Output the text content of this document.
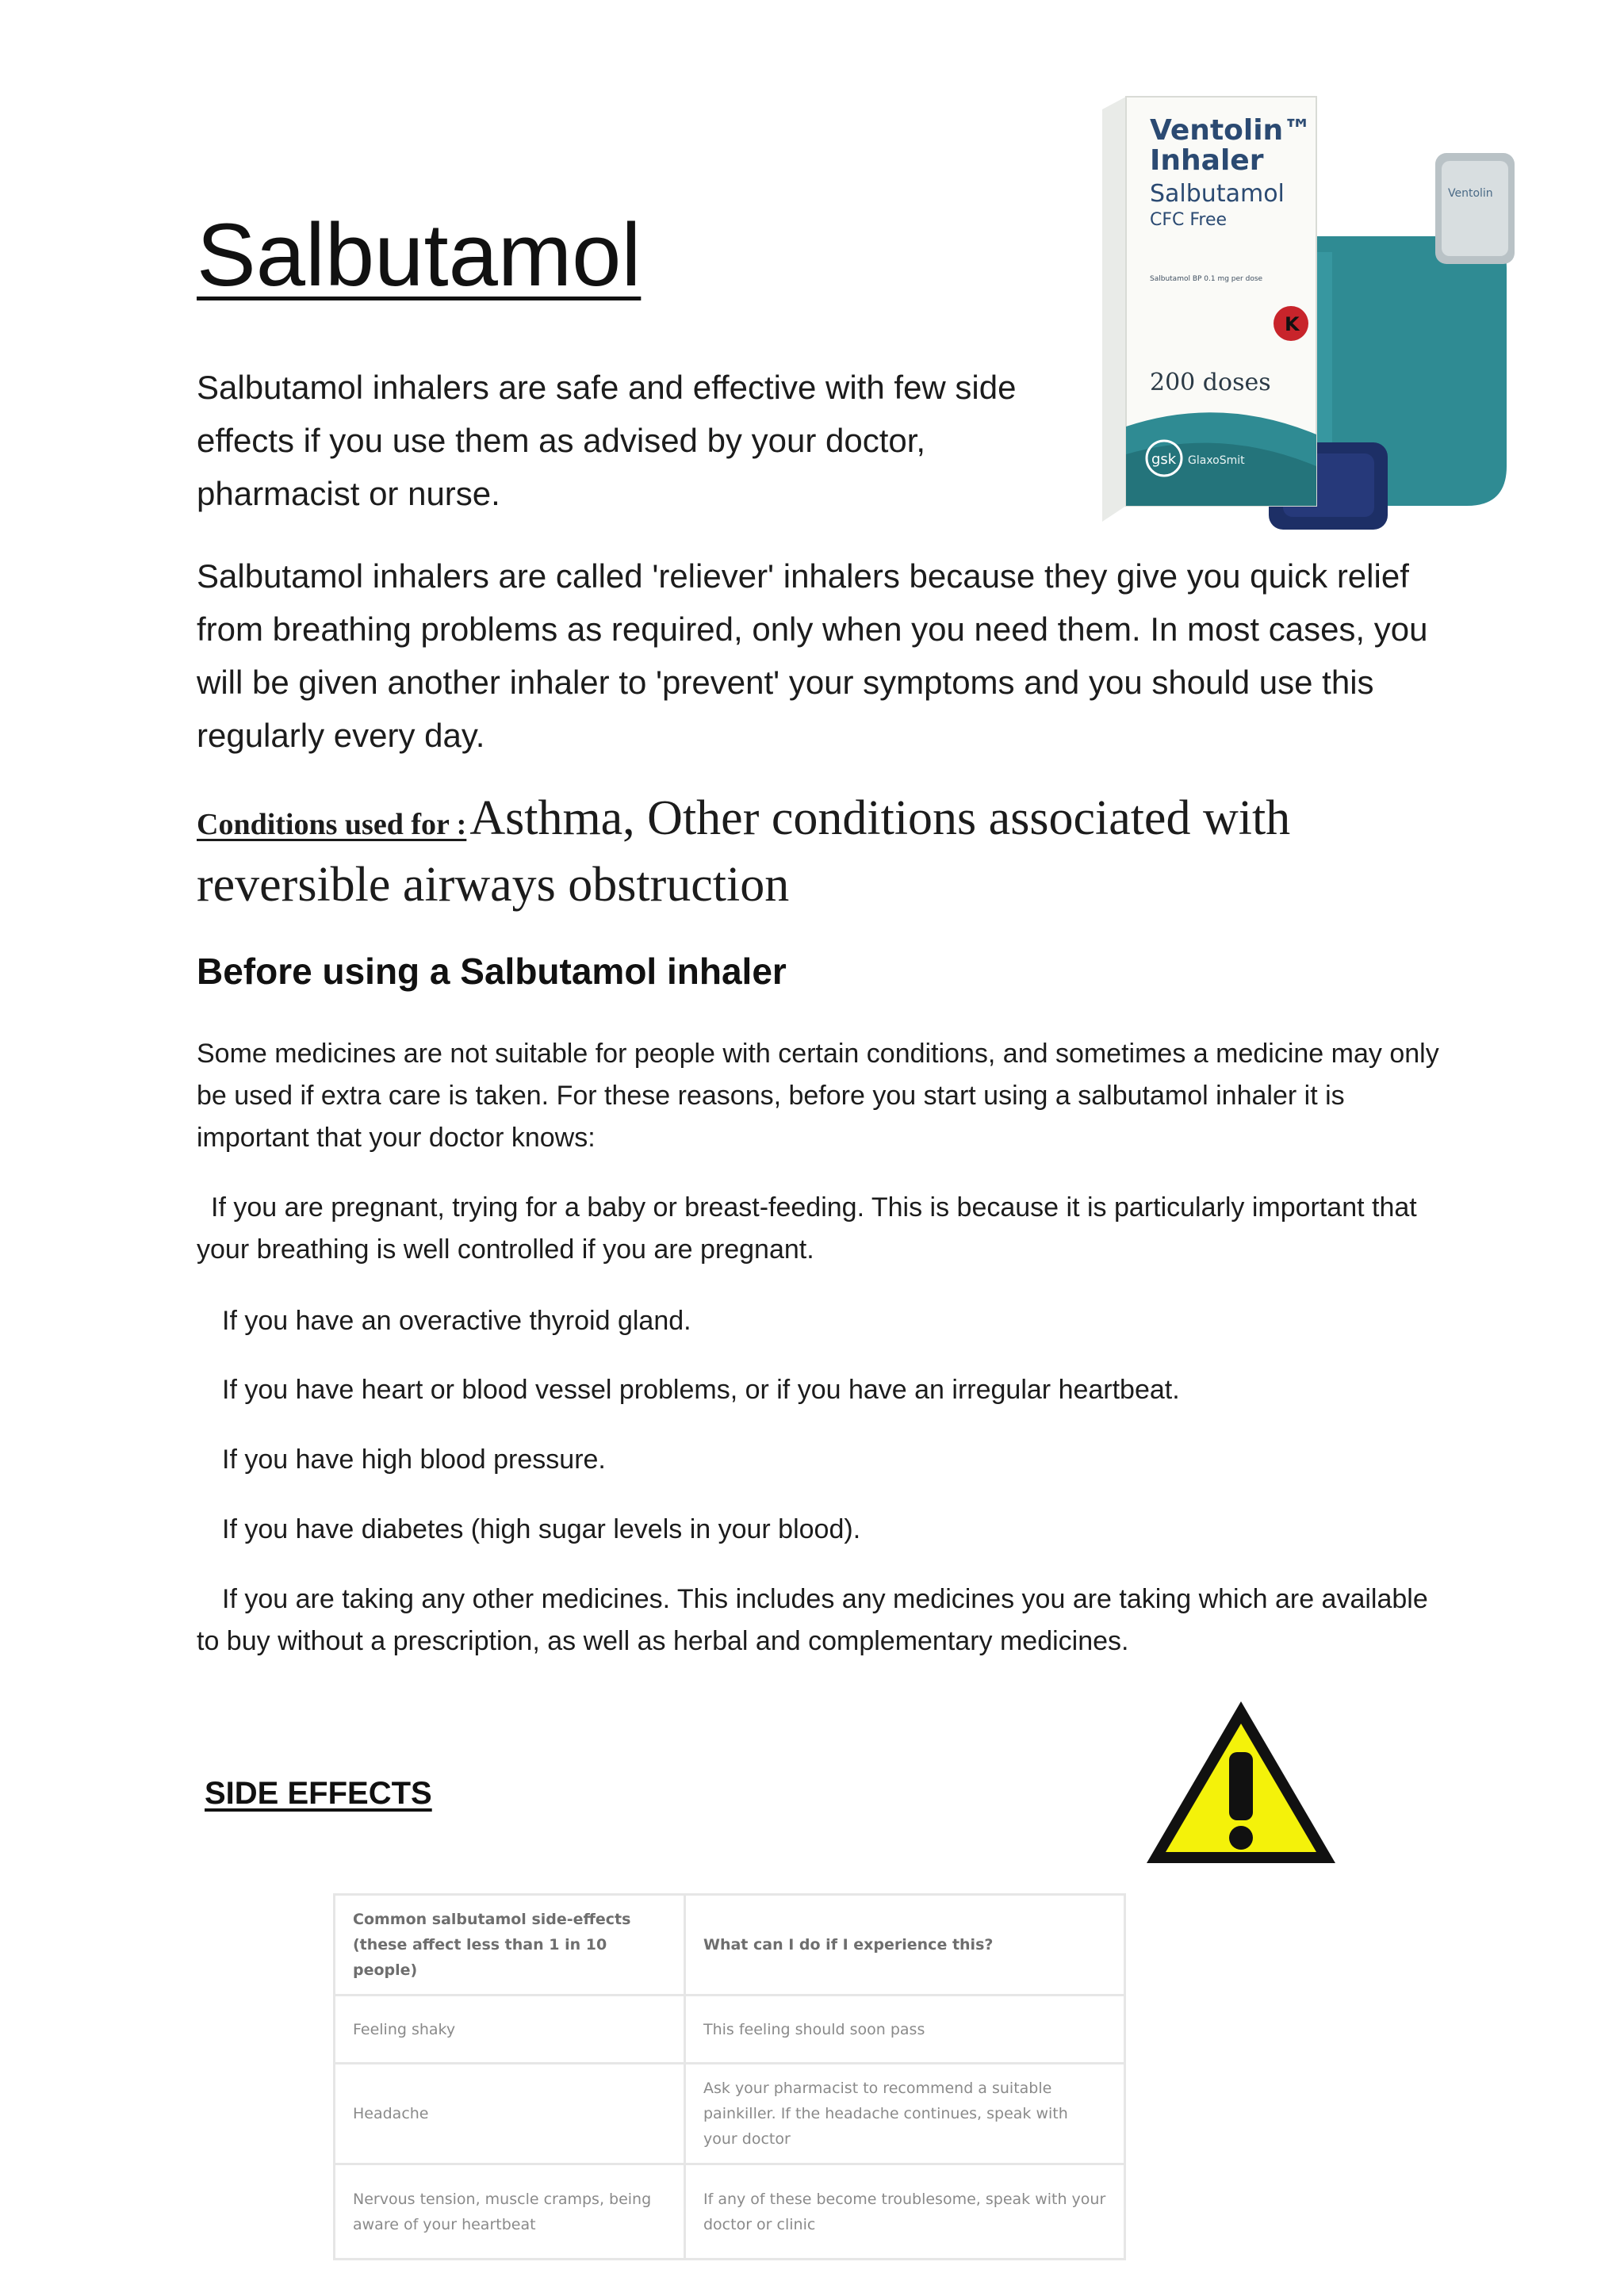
Salbutamol
Ventolin
Ventolin™
Inhaler
Salbutamol
CFC Free
Salbutamol BP 0.1 mg per dose
K
200 doses
gsk GlaxoSmit
Salbutamol inhalers are safe and effective with few side effects if you use them as advised by your doctor, pharmacist or nurse.
Salbutamol inhalers are called 'reliever' inhalers because they give you quick relief from breathing problems as required, only when you need them. In most cases, you will be given another inhaler to 'prevent' your symptoms and you should use this regularly every day.
Conditions used for : Asthma, Other conditions associated with reversible airways obstruction
Before using a Salbutamol inhaler
Some medicines are not suitable for people with certain conditions, and sometimes a medicine may only be used if extra care is taken. For these reasons, before you start using a salbutamol inhaler it is important that your doctor knows:
If you are pregnant, trying for a baby or breast-feeding. This is because it is particularly important that your breathing is well controlled if you are pregnant.
If you have an overactive thyroid gland.
If you have heart or blood vessel problems, or if you have an irregular heartbeat.
If you have high blood pressure.
If you have diabetes (high sugar levels in your blood).
If you are taking any other medicines. This includes any medicines you are taking which are available to buy without a prescription, as well as herbal and complementary medicines.
SIDE EFFECTS
Common salbutamol side-effects (these affect less than 1 in 10 people)	What can I do if I experience this?
Feeling shaky	This feeling should soon pass
Headache	Ask your pharmacist to recommend a suitable painkiller. If the headache continues, speak with your doctor
Nervous tension, muscle cramps, being aware of your heartbeat	If any of these become troublesome, speak with your doctor or clinic
